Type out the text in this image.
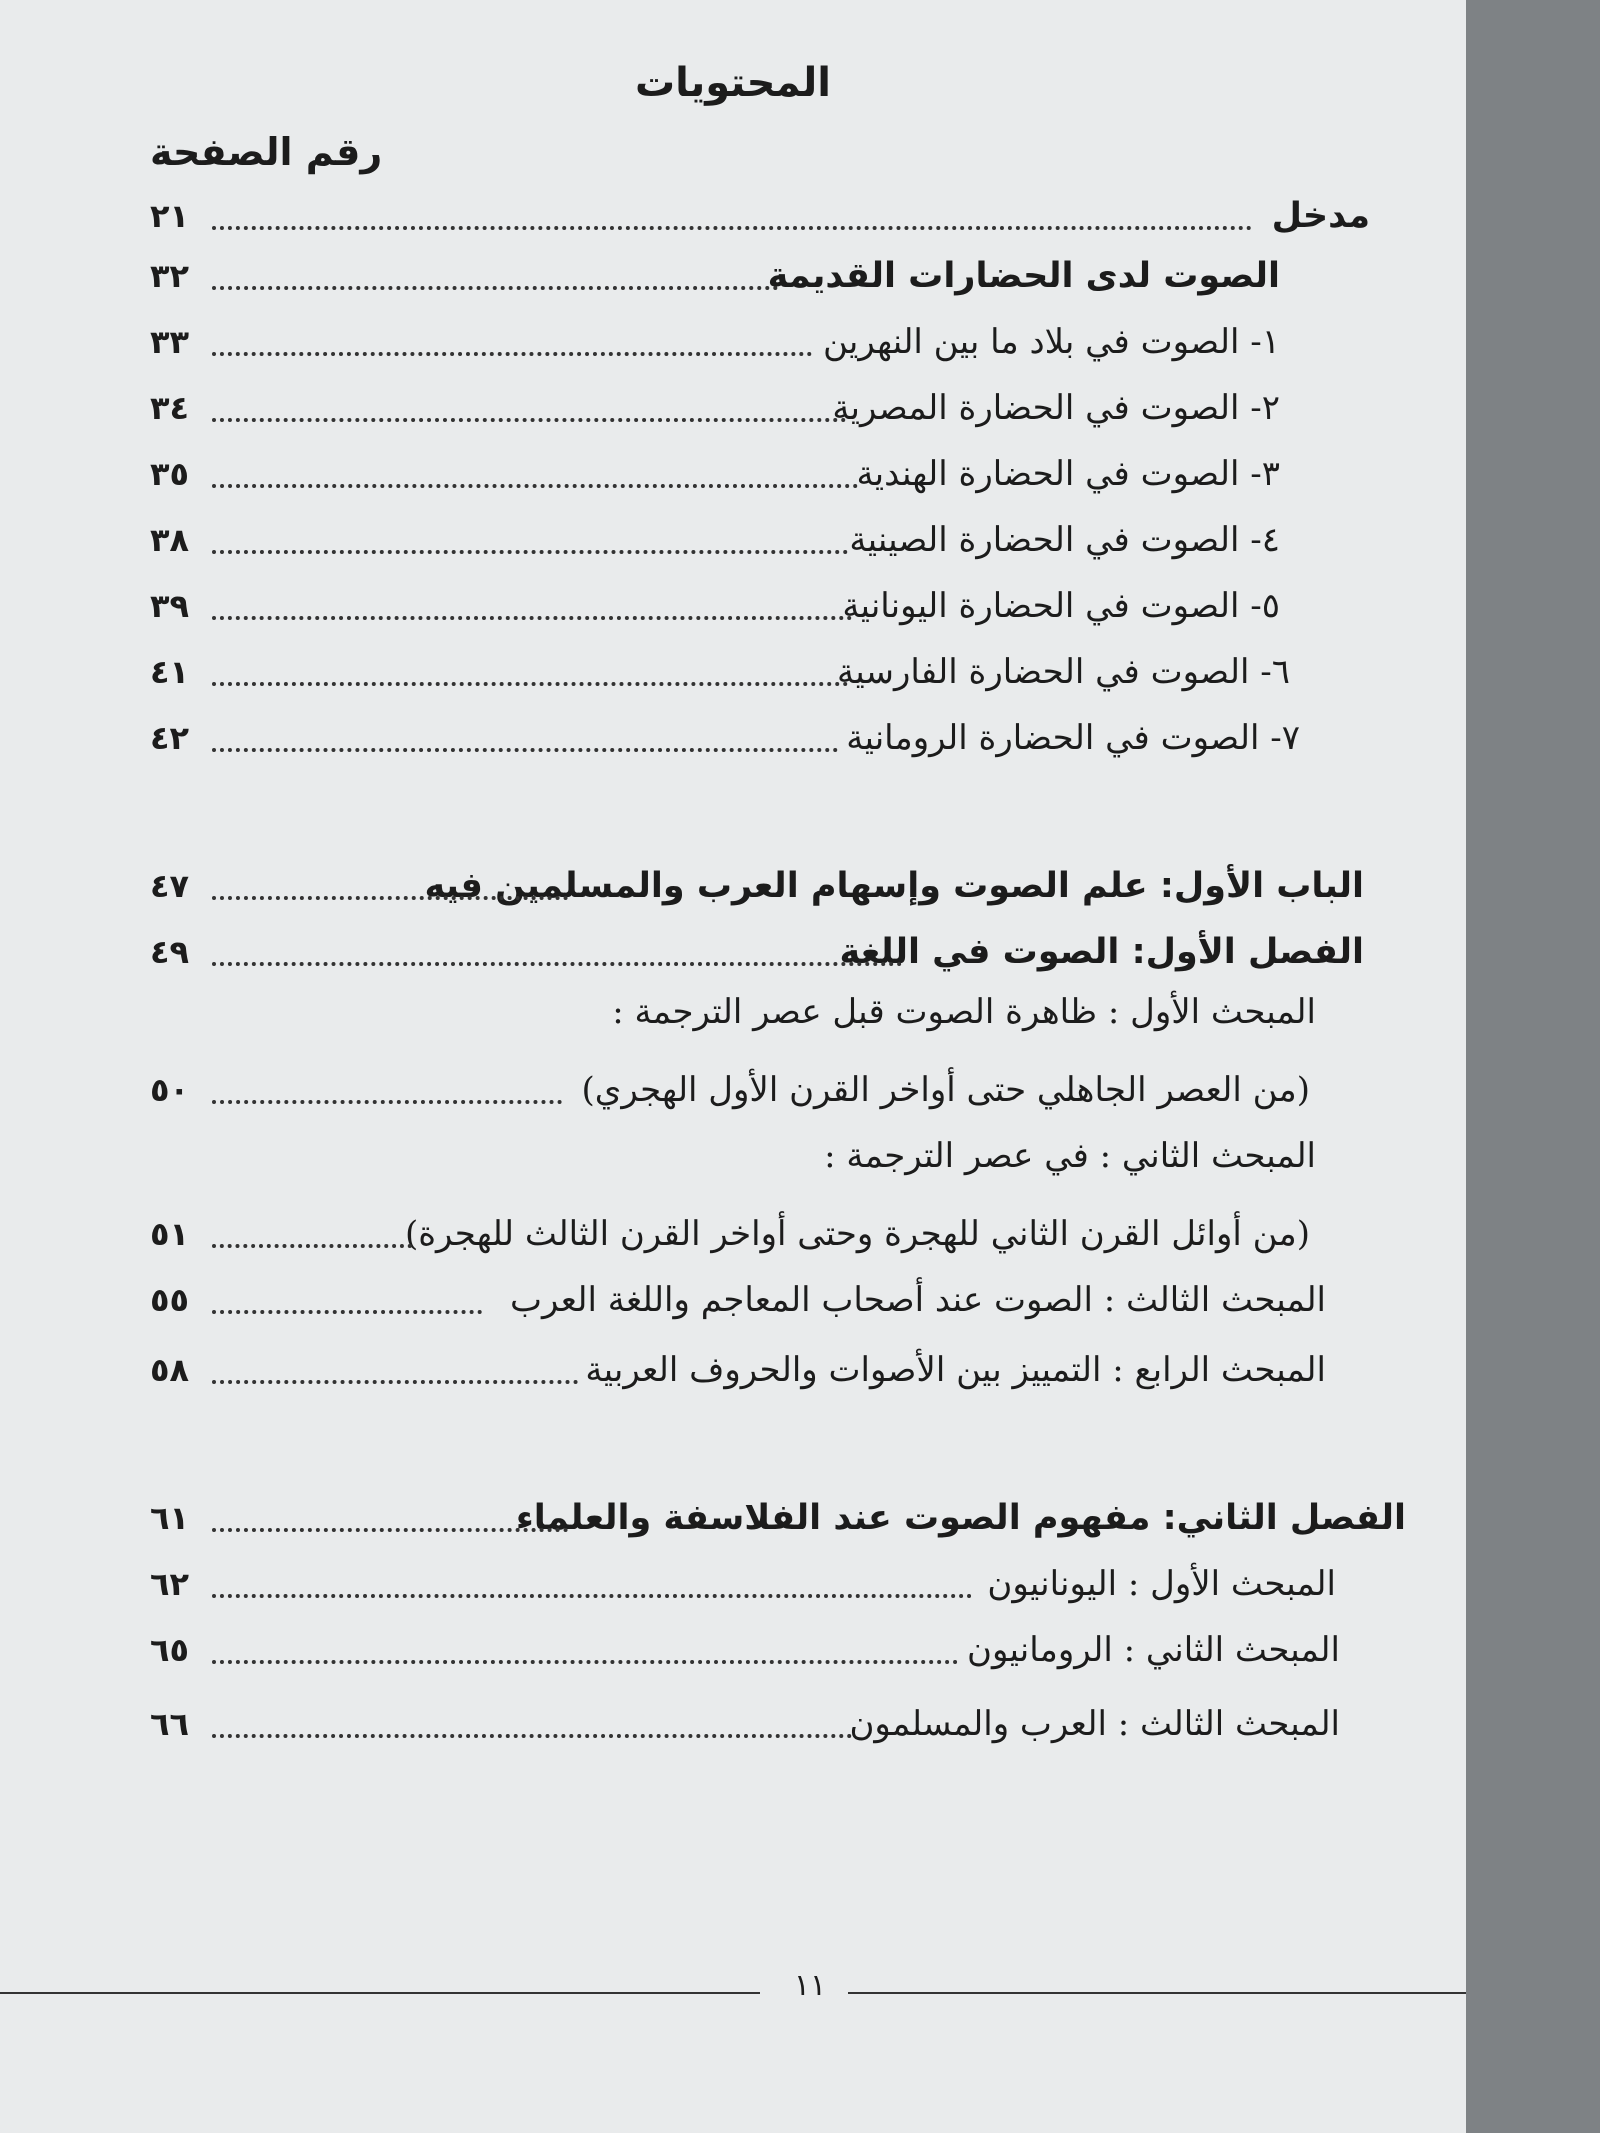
المحتويات
رقم الصفحة
مدخل
٢١
الصوت لدى الحضارات القديمة
٣٢
١- الصوت في بلاد ما بين النهرين
٣٣
٢- الصوت في الحضارة المصرية
٣٤
٣- الصوت في الحضارة الهندية
٣٥
٤- الصوت في الحضارة الصينية
٣٨
٥- الصوت في الحضارة اليونانية
٣٩
٦- الصوت في الحضارة الفارسية
٤١
٧- الصوت في الحضارة الرومانية
٤٢
الباب الأول: علم الصوت وإسهام العرب والمسلمين فيه
٤٧
الفصل الأول: الصوت في اللغة
٤٩
المبحث الأول : ظاهرة الصوت قبل عصر الترجمة :
(من العصر الجاهلي حتى أواخر القرن الأول الهجري)
٥٠
المبحث الثاني : في عصر الترجمة :
(من أوائل القرن الثاني للهجرة وحتى أواخر القرن الثالث للهجرة)
٥١
المبحث الثالث : الصوت عند أصحاب المعاجم واللغة العرب
٥٥
المبحث الرابع : التمييز بين الأصوات والحروف العربية
٥٨
الفصل الثاني: مفهوم الصوت عند الفلاسفة والعلماء
٦١
المبحث الأول : اليونانيون
٦٢
المبحث الثاني : الرومانيون
٦٥
المبحث الثالث : العرب والمسلمون
٦٦
١١
